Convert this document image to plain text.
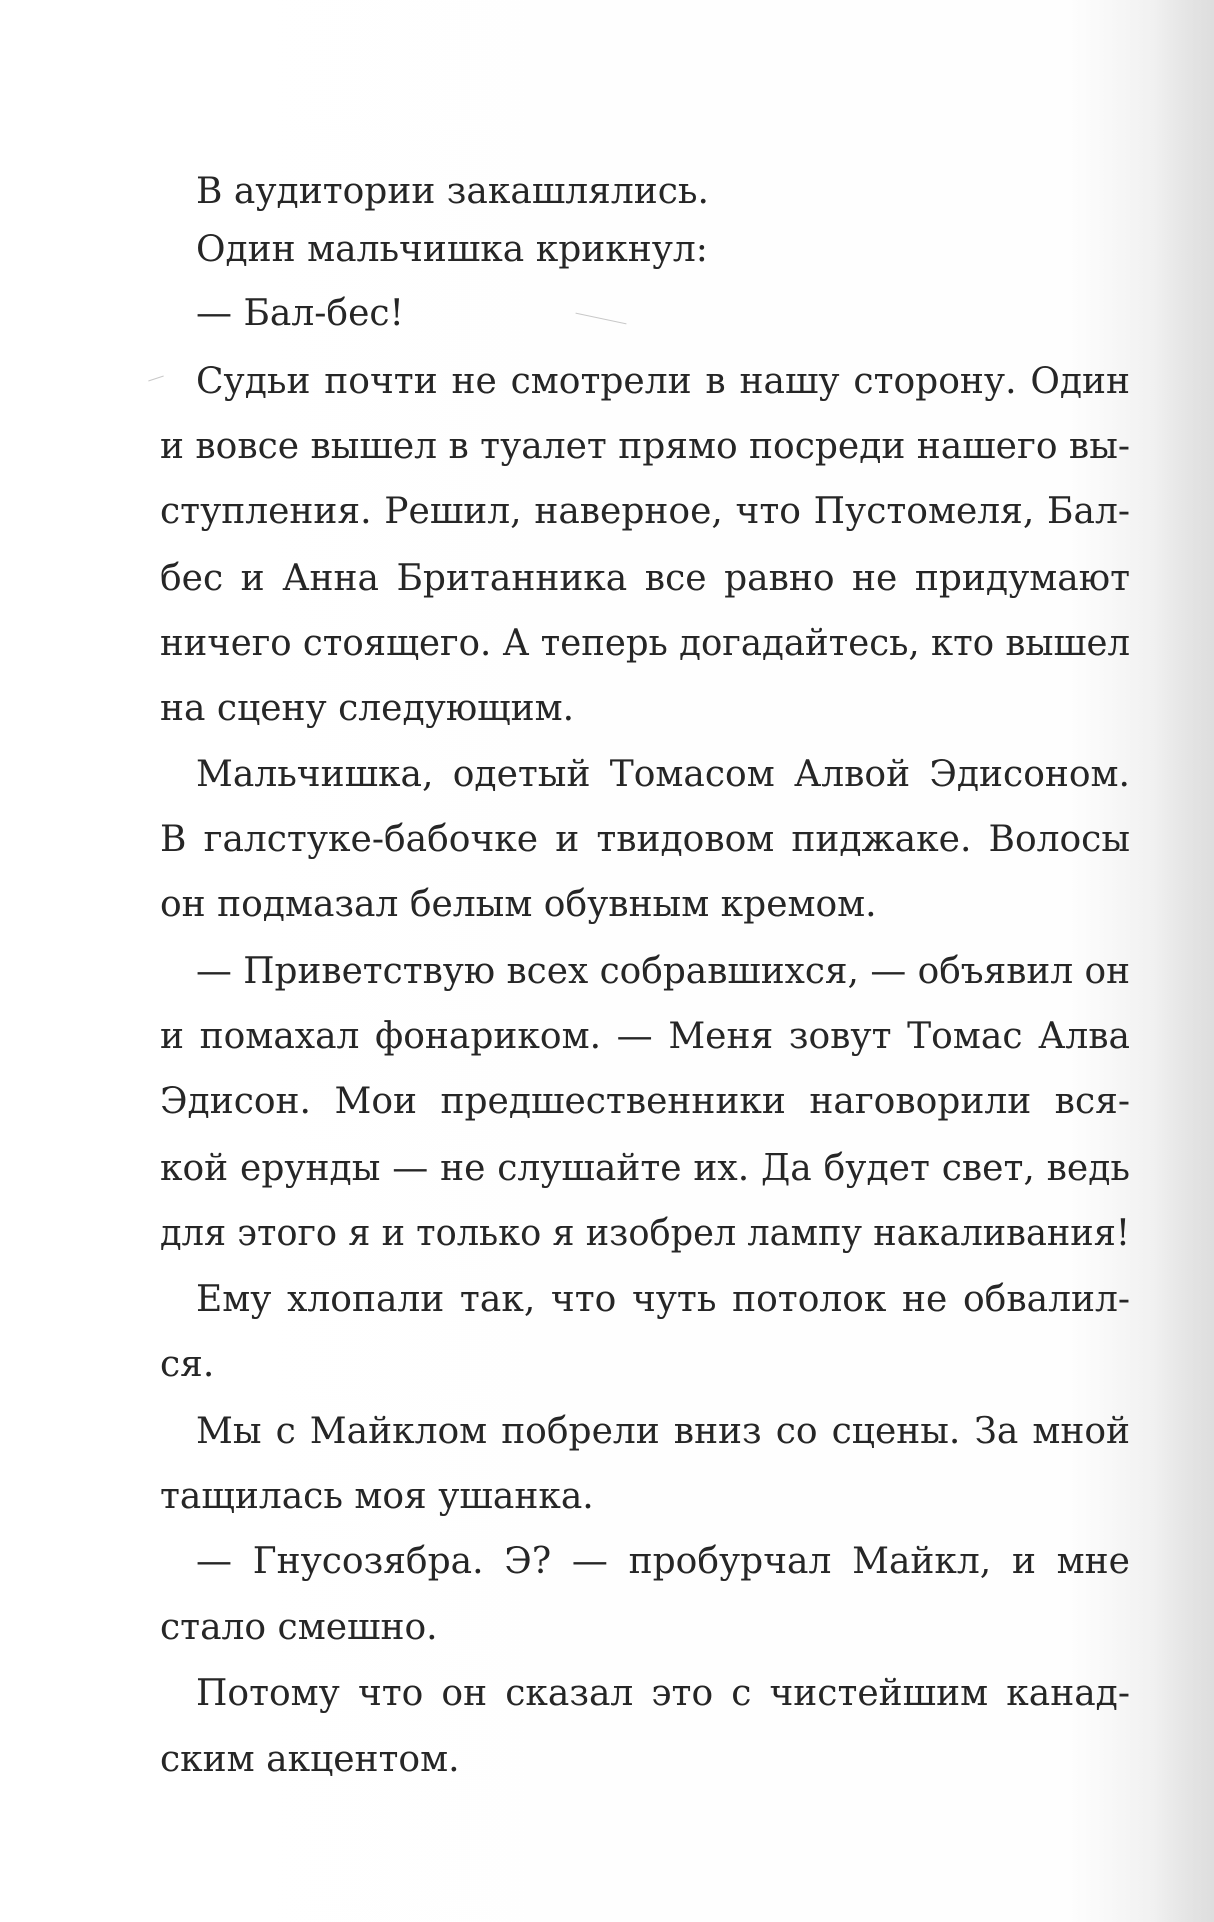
В аудитории закашлялись.
Один мальчишка крикнул:
— Бал-бес!
Судьи почти не смотрели в нашу сторону. Один
и вовсе вышел в туалет прямо посреди нашего вы-
ступления. Решил, наверное, что Пустомеля, Бал-
бес и Анна Британника все равно не придумают
ничего стоящего. А теперь догадайтесь, кто вышел
на сцену следующим.
Мальчишка, одетый Томасом Алвой Эдисоном.
В галстуке-бабочке и твидовом пиджаке. Волосы
он подмазал белым обувным кремом.
— Приветствую всех собравшихся, — объявил он
и помахал фонариком. — Меня зовут Томас Алва
Эдисон. Мои предшественники наговорили вся-
кой ерунды — не слушайте их. Да будет свет, ведь
для этого я и только я изобрел лампу накаливания!
Ему хлопали так, что чуть потолок не обвалил-
ся.
Мы с Майклом побрели вниз со сцены. За мной
тащилась моя ушанка.
— Гнусозябра. Э? — пробурчал Майкл, и мне
стало смешно.
Потому что он сказал это с чистейшим канад-
ским акцентом.
